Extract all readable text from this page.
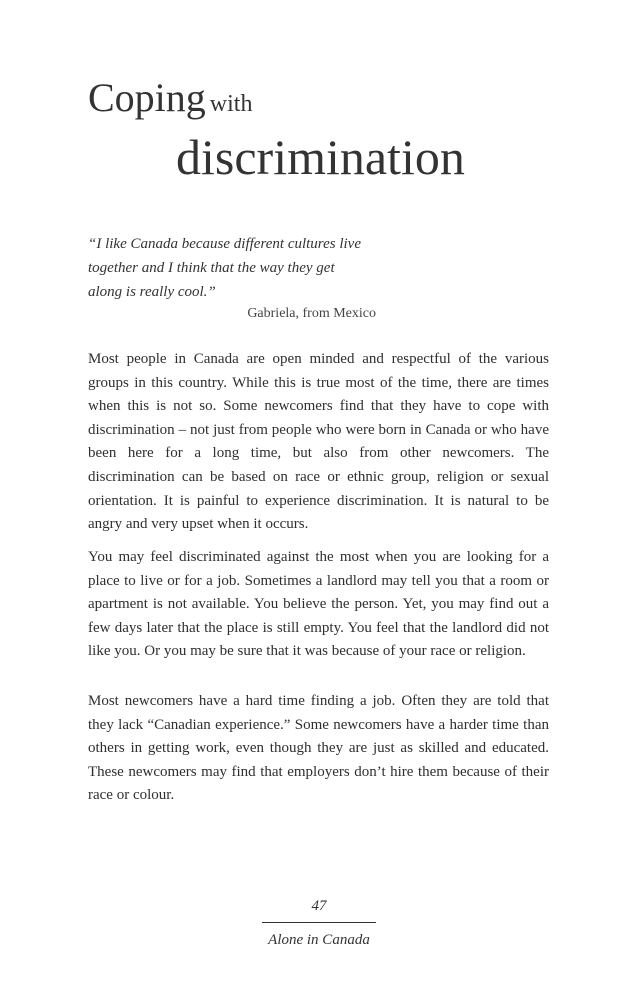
Coping with
discrimination
“I like Canada because different cultures live
together and I think that the way they get
along is really cool.”
Gabriela, from Mexico

Most people in Canada are open minded and respectful of the various groups in this country. While this is true most of the time, there are times when this is not so. Some newcomers find that they have to cope with discrimination – not just from people who were born in Canada or who have been here for a long time, but also from other newcomers. The discrimination can be based on race or ethnic group, religion or sexual orientation. It is painful to experience discrimination. It is natural to be angry and very upset when it occurs.

You may feel discriminated against the most when you are looking for a place to live or for a job. Sometimes a landlord may tell you that a room or apartment is not available. You believe the person. Yet, you may find out a few days later that the place is still empty. You feel that the landlord did not like you. Or you may be sure that it was because of your race or religion.

Most newcomers have a hard time finding a job. Often they are told that they lack “Canadian experience.” Some newcomers have a harder time than others in getting work, even though they are just as skilled and educated. These newcomers may find that employers don’t hire them because of their race or colour.

47
Alone in Canada
